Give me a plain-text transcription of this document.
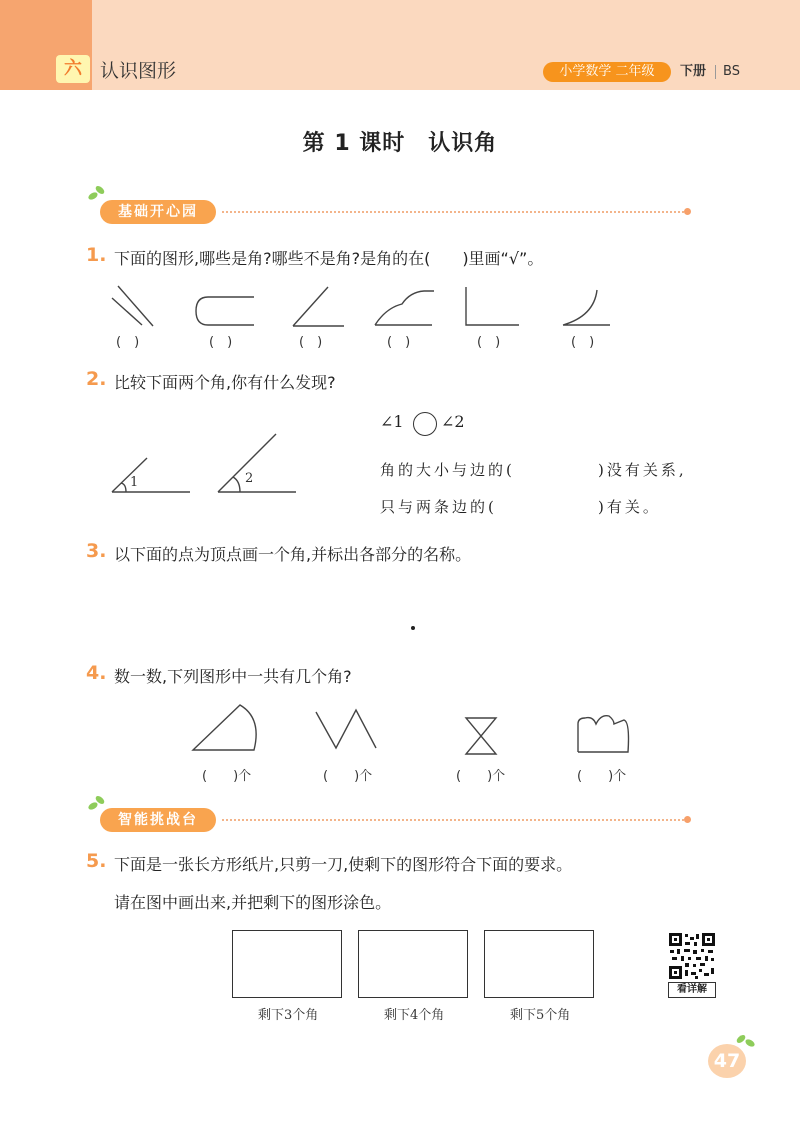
六 认识图形	小学数学 二年级	下册 BS
第 1 课时　认识角
基础开心园
1. 下面的图形,哪些是角?哪些不是角?是角的在(　　)里画“√”。
(　)	(　)	(　)	(　)	(　)	(　)
2. 比较下面两个角,你有什么发现?
1	2
∠1 ∠2
角的大小与边的(	)没有关系,
只与两条边的(	)有关。
3. 以下面的点为顶点画一个角,并标出各部分的名称。
4. 数一数,下列图形中一共有几个角?
(　　)个	(　　)个	(　　)个	(　　)个
智能挑战台
5. 下面是一张长方形纸片,只剪一刀,使剩下的图形符合下面的要求。
请在图中画出来,并把剩下的图形涂色。
剩下3个角	剩下4个角	剩下5个角
看详解
47
